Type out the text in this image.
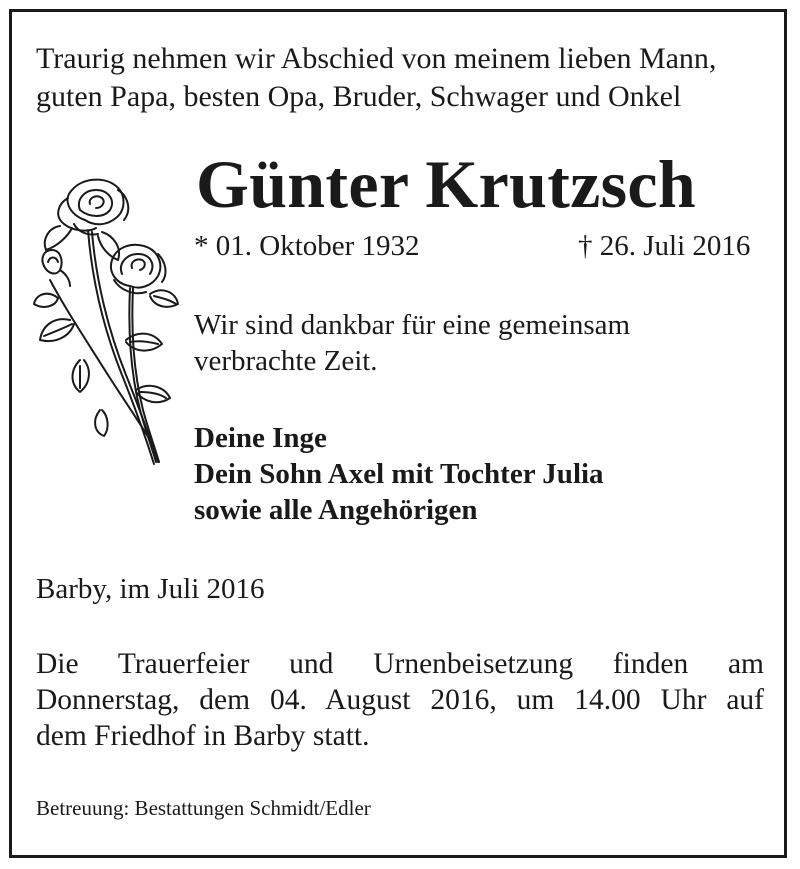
Traurig nehmen wir Abschied von meinem lieben Mann,
guten Papa, besten Opa, Bruder, Schwager und Onkel
Günter Krutzsch
* 01. Oktober 1932	† 26. Juli 2016
Wir sind dankbar für eine gemeinsam
verbrachte Zeit.
Deine Inge
Dein Sohn Axel mit Tochter Julia
sowie alle Angehörigen
Barby, im Juli 2016
Die Trauerfeier und Urnenbeisetzung finden am
Donnerstag, dem 04. August 2016, um 14.00 Uhr auf
dem Friedhof in Barby statt.
Betreuung: Bestattungen Schmidt/Edler
